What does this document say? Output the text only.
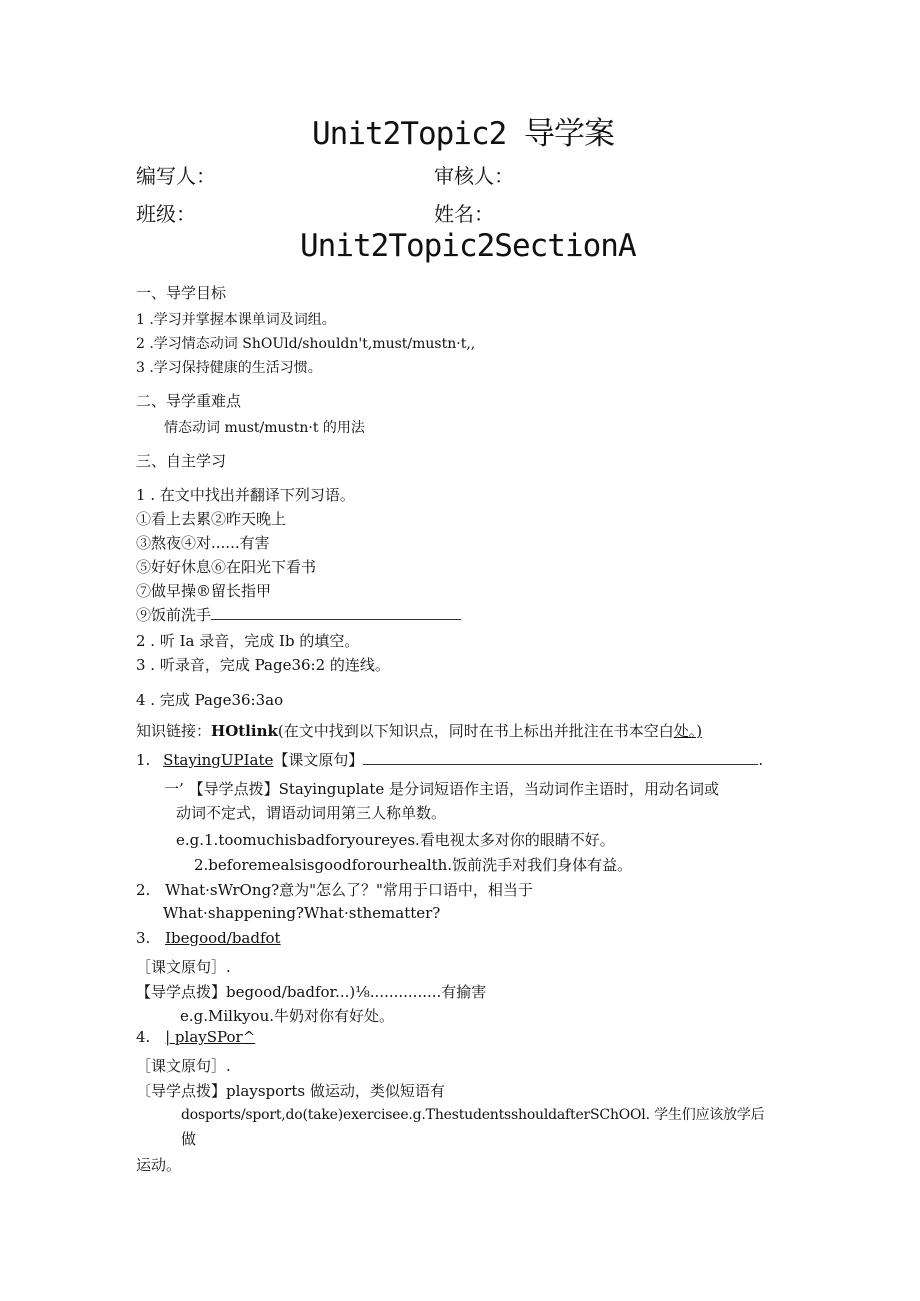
Unit2Topic2 导学案
编写人：	审核人：
班级：	姓名：
Unit2Topic2SectionA
一、导学目标
1 .学习并掌握本课单词及词组。
2 .学习情态动词 ShOUld/shouldn't,must/mustn·t,,
3 .学习保持健康的生活习惯。
二、导学重难点
情态动词 must/mustn·t 的用法
三、自主学习
1 . 在文中找出并翻译下列习语。
①看上去累②昨天晚上
③熬夜④对......有害
⑤好好休息⑥在阳光下看书
⑦做早操®留长指甲
⑨饭前洗手
2 . 听 Ia 录音，完成 Ib 的填空。
3 . 听录音，完成 Page36:2 的连线。
4 . 完成 Page36:3ao
知识链接：HOtlink(在文中找到以下知识点，同时在书上标出并批注在书本空白处。)
1. StayingUPIate【课文原句】	.
一’ 【导学点拨】Stayinguplate 是分词短语作主语，当动词作主语时，用动名词或
动词不定式，谓语动词用第三人称单数。
e.g.1.toomuchisbadforyoureyes.看电视太多对你的眼睛不好。
2.beforemealsisgoodforourhealth.饭前洗手对我们身体有益。
2. What·sWrOng?意为"怎么了？"常用于口语中，相当于
What·shappening?What·sthematter?
3. Ibegood/badfot
［课文原句］.
【导学点拨】begood/badfor...)⅛...............有揄害
e.g.Milkyou.牛奶对你有好处。
4. | playSPor^
［课文原句］.
〔导学点拨】playsports 做运动，类似短语有
dosports/sport,do(take)exercisee.g.ThestudentsshouldafterSChOOl. 学生们应该放学后
做
运动。
